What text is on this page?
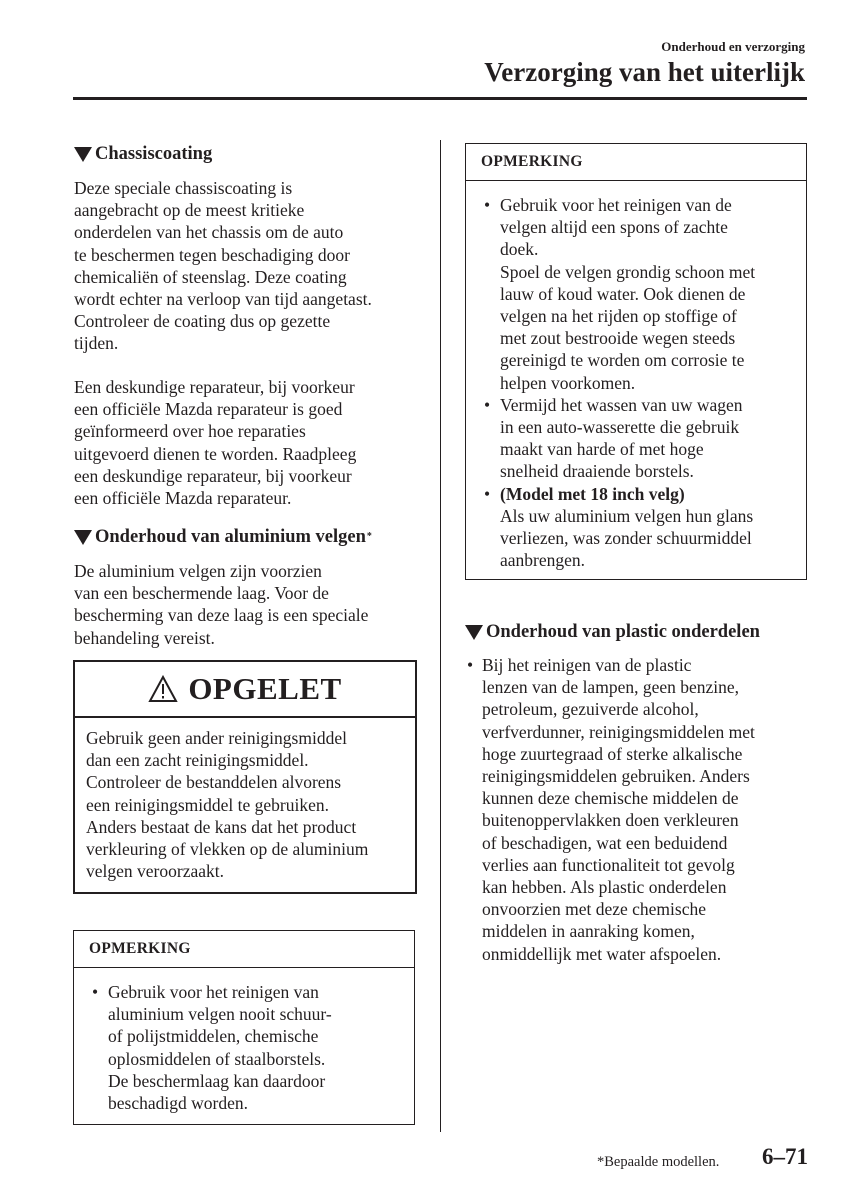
Onderhoud en verzorging
Verzorging van het uiterlijk
Chassiscoating
Deze speciale chassiscoating is
aangebracht op de meest kritieke
onderdelen van het chassis om de auto
te beschermen tegen beschadiging door
chemicaliën of steenslag. Deze coating
wordt echter na verloop van tijd aangetast.
Controleer de coating dus op gezette
tijden.
Een deskundige reparateur, bij voorkeur
een officiële Mazda reparateur is goed
geïnformeerd over hoe reparaties
uitgevoerd dienen te worden. Raadpleeg
een deskundige reparateur, bij voorkeur
een officiële Mazda reparateur.
Onderhoud van aluminium velgen *
De aluminium velgen zijn voorzien
van een beschermende laag. Voor de
bescherming van deze laag is een speciale
behandeling vereist.
OPGELET
Gebruik geen ander reinigingsmiddel
dan een zacht reinigingsmiddel.
Controleer de bestanddelen alvorens
een reinigingsmiddel te gebruiken.
Anders bestaat de kans dat het product
verkleuring of vlekken op de aluminium
velgen veroorzaakt.
OPMERKING
• Gebruik voor het reinigen van
aluminium velgen nooit schuur-
of polijstmiddelen, chemische
oplosmiddelen of staalborstels.
De beschermlaag kan daardoor
beschadigd worden.
OPMERKING
• Gebruik voor het reinigen van de
velgen altijd een spons of zachte
doek.
Spoel de velgen grondig schoon met
lauw of koud water. Ook dienen de
velgen na het rijden op stoffige of
met zout bestrooide wegen steeds
gereinigd te worden om corrosie te
helpen voorkomen.
• Vermijd het wassen van uw wagen
in een auto-wasserette die gebruik
maakt van harde of met hoge
snelheid draaiende borstels.
• (Model met 18 inch velg)
Als uw aluminium velgen hun glans
verliezen, was zonder schuurmiddel
aanbrengen.
Onderhoud van plastic onderdelen
• Bij het reinigen van de plastic
lenzen van de lampen, geen benzine,
petroleum, gezuiverde alcohol,
verfverdunner, reinigingsmiddelen met
hoge zuurtegraad of sterke alkalische
reinigingsmiddelen gebruiken. Anders
kunnen deze chemische middelen de
buitenoppervlakken doen verkleuren
of beschadigen, wat een beduidend
verlies aan functionaliteit tot gevolg
kan hebben. Als plastic onderdelen
onvoorzien met deze chemische
middelen in aanraking komen,
onmiddellijk met water afspoelen.
*Bepaalde modellen. 6–71
